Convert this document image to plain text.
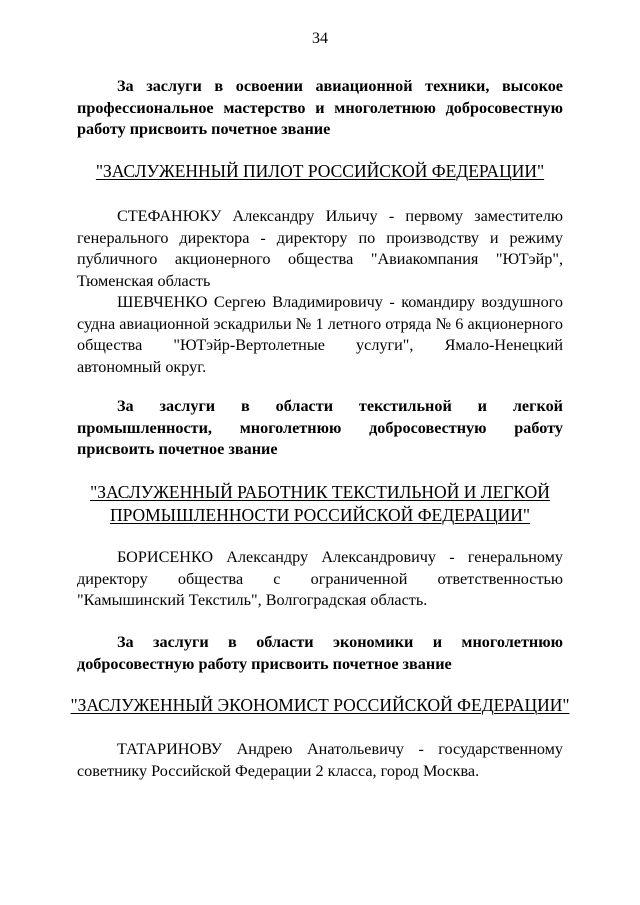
34

За заслуги в освоении авиационной техники, высокое профессиональное мастерство и многолетнюю добросовестную работу присвоить почетное звание

"ЗАСЛУЖЕННЫЙ ПИЛОТ РОССИЙСКОЙ ФЕДЕРАЦИИ"

СТЕФАНЮКУ Александру Ильичу - первому заместителю генерального директора - директору по производству и режиму публичного акционерного общества "Авиакомпания "ЮТэйр", Тюменская область

ШЕВЧЕНКО Сергею Владимировичу - командиру воздушного судна авиационной эскадрильи № 1 летного отряда № 6 акционерного общества "ЮТэйр-Вертолетные услуги", Ямало-Ненецкий автономный округ.

За заслуги в области текстильной и легкой промышленности, многолетнюю добросовестную работу присвоить почетное звание

"ЗАСЛУЖЕННЫЙ РАБОТНИК ТЕКСТИЛЬНОЙ И ЛЕГКОЙ ПРОМЫШЛЕННОСТИ РОССИЙСКОЙ ФЕДЕРАЦИИ"

БОРИСЕНКО Александру Александровичу - генеральному директору общества с ограниченной ответственностью "Камышинский Текстиль", Волгоградская область.

За заслуги в области экономики и многолетнюю добросовестную работу присвоить почетное звание

"ЗАСЛУЖЕННЫЙ ЭКОНОМИСТ РОССИЙСКОЙ ФЕДЕРАЦИИ"

ТАТАРИНОВУ Андрею Анатольевичу - государственному советнику Российской Федерации 2 класса, город Москва.
